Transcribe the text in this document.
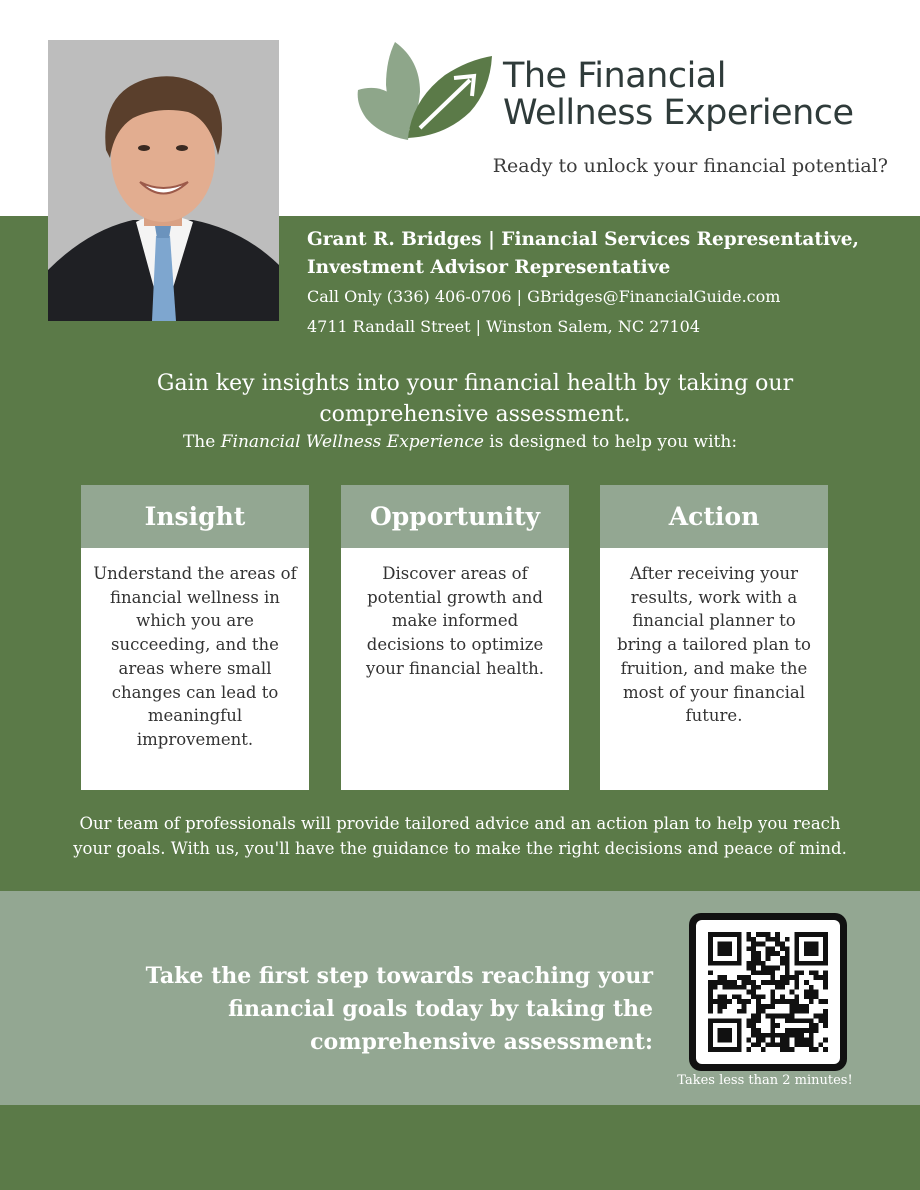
The Financial
Wellness Experience
Ready to unlock your financial potential?
Grant R. Bridges | Financial Services Representative,
Investment Advisor Representative
Call Only (336) 406-0706 | GBridges@FinancialGuide.com
4711 Randall Street | Winston Salem, NC 27104
Gain key insights into your financial health by taking our comprehensive assessment.
The Financial Wellness Experience is designed to help you with:
Insight
Understand the areas of financial wellness in which you are succeeding, and the areas where small changes can lead to meaningful improvement.
Opportunity
Discover areas of potential growth and make informed decisions to optimize your financial health.
Action
After receiving your results, work with a financial planner to bring a tailored plan to fruition, and make the most of your financial future.
Our team of professionals will provide tailored advice and an action plan to help you reach your goals. With us, you'll have the guidance to make the right decisions and peace of mind.
Take the first step towards reaching your financial goals today by taking the comprehensive assessment:
Takes less than 2 minutes!
